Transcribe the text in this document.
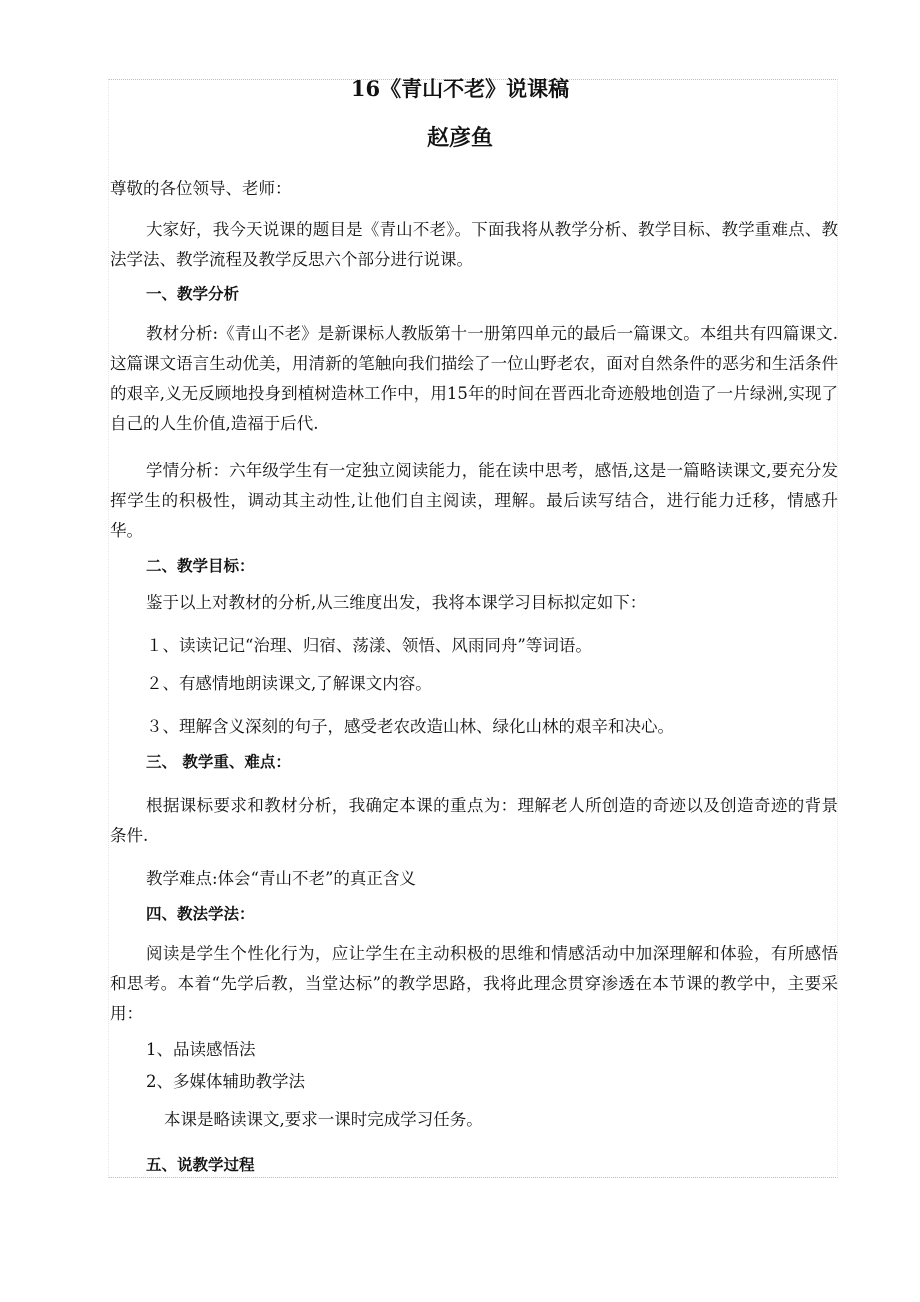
16《青山不老》说课稿
赵彦鱼

尊敬的各位领导、老师：

大家好，我今天说课的题目是《青山不老》。下面我将从教学分析、教学目标、教学重难点、教法学法、教学流程及教学反思六个部分进行说课。

一、教学分析

教材分析:《青山不老》是新课标人教版第十一册第四单元的最后一篇课文。本组共有四篇课文.这篇课文语言生动优美，用清新的笔触向我们描绘了一位山野老农，面对自然条件的恶劣和生活条件的艰辛,义无反顾地投身到植树造林工作中，用15年的时间在晋西北奇迹般地创造了一片绿洲,实现了自己的人生价值,造福于后代.

学情分析：六年级学生有一定独立阅读能力，能在读中思考，感悟,这是一篇略读课文,要充分发挥学生的积极性，调动其主动性,让他们自主阅读，理解。最后读写结合，进行能力迁移，情感升华。

二、教学目标：

鉴于以上对教材的分析,从三维度出发，我将本课学习目标拟定如下：

１、读读记记“治理、归宿、荡漾、领悟、风雨同舟”等词语。

２、有感情地朗读课文,了解课文内容。

３、理解含义深刻的句子，感受老农改造山林、绿化山林的艰辛和决心。

三、 教学重、难点：

根据课标要求和教材分析，我确定本课的重点为：理解老人所创造的奇迹以及创造奇迹的背景条件.

教学难点:体会“青山不老”的真正含义

四、教法学法：

阅读是学生个性化行为，应让学生在主动积极的思维和情感活动中加深理解和体验，有所感悟和思考。本着“先学后教，当堂达标”的教学思路，我将此理念贯穿渗透在本节课的教学中，主要采用：

1、品读感悟法

2、多媒体辅助教学法

本课是略读课文,要求一课时完成学习任务。

五、说教学过程
